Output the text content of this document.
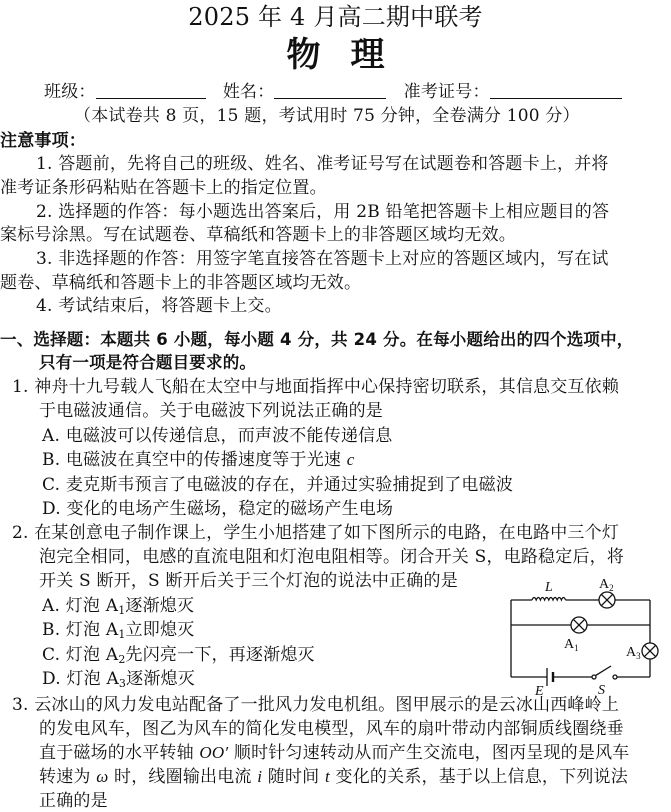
2025 年 4 月高二期中联考
物理
班级：	姓名：	准考证号：
（本试卷共 8 页，15 题，考试用时 75 分钟，全卷满分 100 分）
注意事项：
1. 答题前，先将自己的班级、姓名、准考证号写在试题卷和答题卡上，并将
准考证条形码粘贴在答题卡上的指定位置。
2. 选择题的作答：每小题选出答案后，用 2B 铅笔把答题卡上相应题目的答
案标号涂黑。写在试题卷、草稿纸和答题卡上的非答题区域均无效。
3. 非选择题的作答：用签字笔直接答在答题卡上对应的答题区域内，写在试
题卷、草稿纸和答题卡上的非答题区域均无效。
4. 考试结束后，将答题卡上交。
一、选择题：本题共 6 小题，每小题 4 分，共 24 分。在每小题给出的四个选项中，
只有一项是符合题目要求的。
1. 神舟十九号载人飞船在太空中与地面指挥中心保持密切联系，其信息交互依赖
于电磁波通信。关于电磁波下列说法正确的是
A. 电磁波可以传递信息，而声波不能传递信息
B. 电磁波在真空中的传播速度等于光速 c
C. 麦克斯韦预言了电磁波的存在，并通过实验捕捉到了电磁波
D. 变化的电场产生磁场，稳定的磁场产生电场
2. 在某创意电子制作课上，学生小旭搭建了如下图所示的电路，在电路中三个灯
泡完全相同，电感的直流电阻和灯泡电阻相等。闭合开关 S，电路稳定后，将
开关 S 断开，S 断开后关于三个灯泡的说法中正确的是
A. 灯泡 $A_1$逐渐熄灭
B. 灯泡 $A_1$立即熄灭
C. 灯泡 $A_2$先闪亮一下，再逐渐熄灭
D. 灯泡 $A_3$逐渐熄灭
L	$A_2$
$A_1$	$A_3$
E	S
3. 云冰山的风力发电站配备了一批风力发电机组。图甲展示的是云冰山西峰岭上
的发电风车，图乙为风车的简化发电模型，风车的扇叶带动内部铜质线圈绕垂
直于磁场的水平转轴 OO′ 顺时针匀速转动从而产生交流电，图丙呈现的是风车
转速为 ω 时，线圈输出电流 i 随时间 t 变化的关系，基于以上信息，下列说法
正确的是
